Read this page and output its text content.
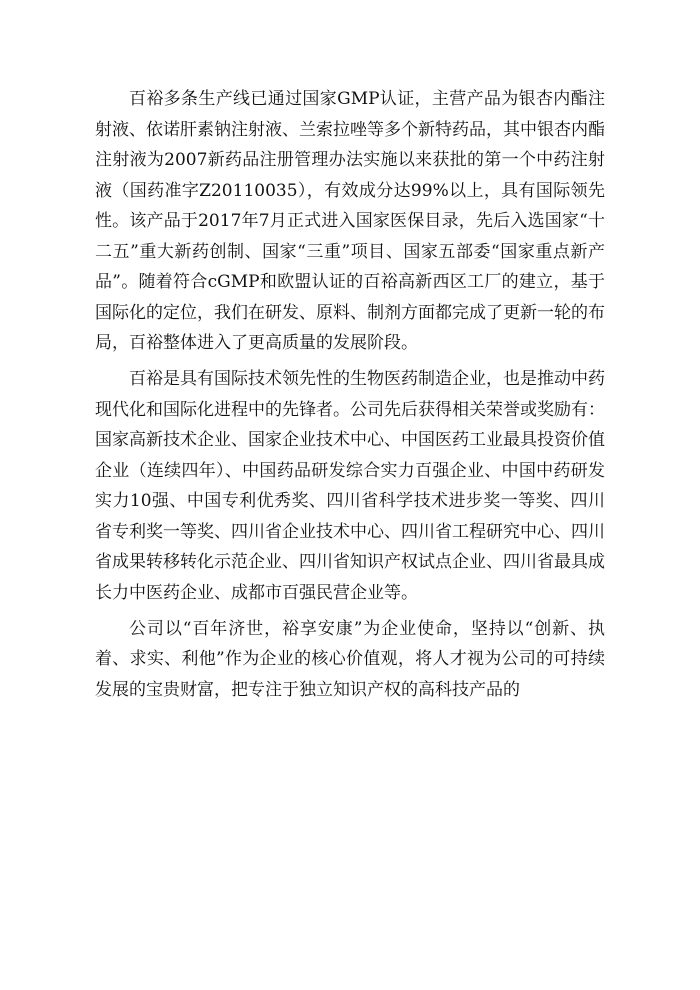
百裕多条生产线已通过国家GMP认证，主营产品为银杏内酯注射液、依诺肝素钠注射液、兰索拉唑等多个新特药品，其中银杏内酯注射液为2007新药品注册管理办法实施以来获批的第一个中药注射液（国药准字Z20110035），有效成分达99%以上，具有国际领先性。该产品于2017年7月正式进入国家医保目录，先后入选国家“十二五”重大新药创制、国家“三重”项目、国家五部委“国家重点新产品”。随着符合cGMP和欧盟认证的百裕高新西区工厂的建立，基于国际化的定位，我们在研发、原料、制剂方面都完成了更新一轮的布局，百裕整体进入了更高质量的发展阶段。

百裕是具有国际技术领先性的生物医药制造企业，也是推动中药现代化和国际化进程中的先锋者。公司先后获得相关荣誉或奖励有：国家高新技术企业、国家企业技术中心、中国医药工业最具投资价值企业（连续四年）、中国药品研发综合实力百强企业、中国中药研发实力10强、中国专利优秀奖、四川省科学技术进步奖一等奖、四川省专利奖一等奖、四川省企业技术中心、四川省工程研究中心、四川省成果转移转化示范企业、四川省知识产权试点企业、四川省最具成长力中医药企业、成都市百强民营企业等。

公司以“百年济世，裕享安康”为企业使命，坚持以“创新、执着、求实、利他”作为企业的核心价值观，将人才视为公司的可持续发展的宝贵财富，把专注于独立知识产权的高科技产品的
